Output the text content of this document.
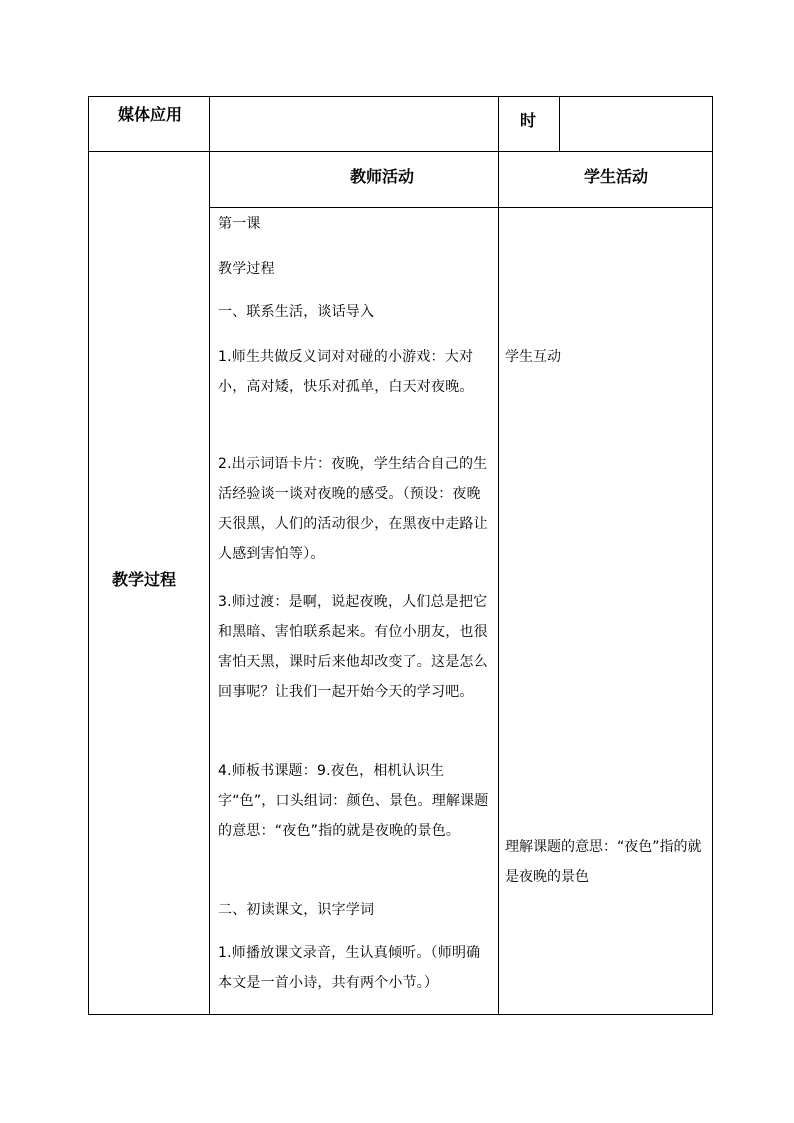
媒体应用	时
教师活动	学生活动
教学过程
第一课
教学过程
一、联系生活，谈话导入
1.师生共做反义词对对碰的小游戏：大对小，高对矮，快乐对孤单，白天对夜晚。
2.出示词语卡片：夜晚，学生结合自己的生活经验谈一谈对夜晚的感受。（预设：夜晚天很黑，人们的活动很少，在黑夜中走路让人感到害怕等）。
3.师过渡：是啊，说起夜晚，人们总是把它和黑暗、害怕联系起来。有位小朋友，也很害怕天黑，课时后来他却改变了。这是怎么回事呢？让我们一起开始今天的学习吧。
4.师板书课题：9.夜色，相机认识生字“色”，口头组词：颜色、景色。理解课题的意思：“夜色”指的就是夜晚的景色。
二、初读课文，识字学词
1.师播放课文录音，生认真倾听。（师明确本文是一首小诗，共有两个小节。）
学生互动
理解课题的意思：“夜色”指的就是夜晚的景色
